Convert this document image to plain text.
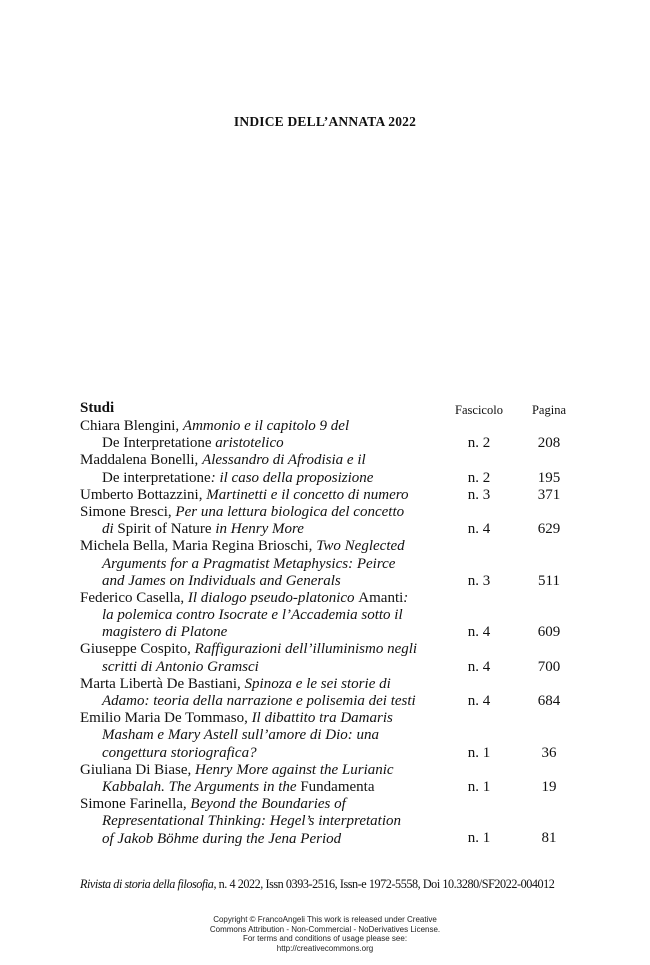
INDICE DELL’ANNATA 2022
Studi	Fascicolo	Pagina
Chiara Blengini, Ammonio e il capitolo 9 del
De Interpretatione aristotelico	n. 2	208
Maddalena Bonelli, Alessandro di Afrodisia e il
De interpretatione: il caso della proposizione	n. 2	195
Umberto Bottazzini, Martinetti e il concetto di numero	n. 3	371
Simone Bresci, Per una lettura biologica del concetto
di Spirit of Nature in Henry More	n. 4	629
Michela Bella, Maria Regina Brioschi, Two Neglected
Arguments for a Pragmatist Metaphysics: Peirce
and James on Individuals and Generals	n. 3	511
Federico Casella, Il dialogo pseudo-platonico Amanti:
la polemica contro Isocrate e l’Accademia sotto il
magistero di Platone	n. 4	609
Giuseppe Cospito, Raffigurazioni dell’illuminismo negli
scritti di Antonio Gramsci	n. 4	700
Marta Libertà De Bastiani, Spinoza e le sei storie di
Adamo: teoria della narrazione e polisemia dei testi	n. 4	684
Emilio Maria De Tommaso, Il dibattito tra Damaris
Masham e Mary Astell sull’amore di Dio: una
congettura storiografica?	n. 1	36
Giuliana Di Biase, Henry More against the Lurianic
Kabbalah. The Arguments in the Fundamenta	n. 1	19
Simone Farinella, Beyond the Boundaries of
Representational Thinking: Hegel’s interpretation
of Jakob Böhme during the Jena Period	n. 1	81
Rivista di storia della filosofia, n. 4 2022, Issn 0393-2516, Issn-e 1972-5558, Doi 10.3280/SF2022-004012
Copyright © FrancoAngeli This work is released under Creative
Commons Attribution - Non-Commercial - NoDerivatives License.
For terms and conditions of usage please see:
http://creativecommons.org
